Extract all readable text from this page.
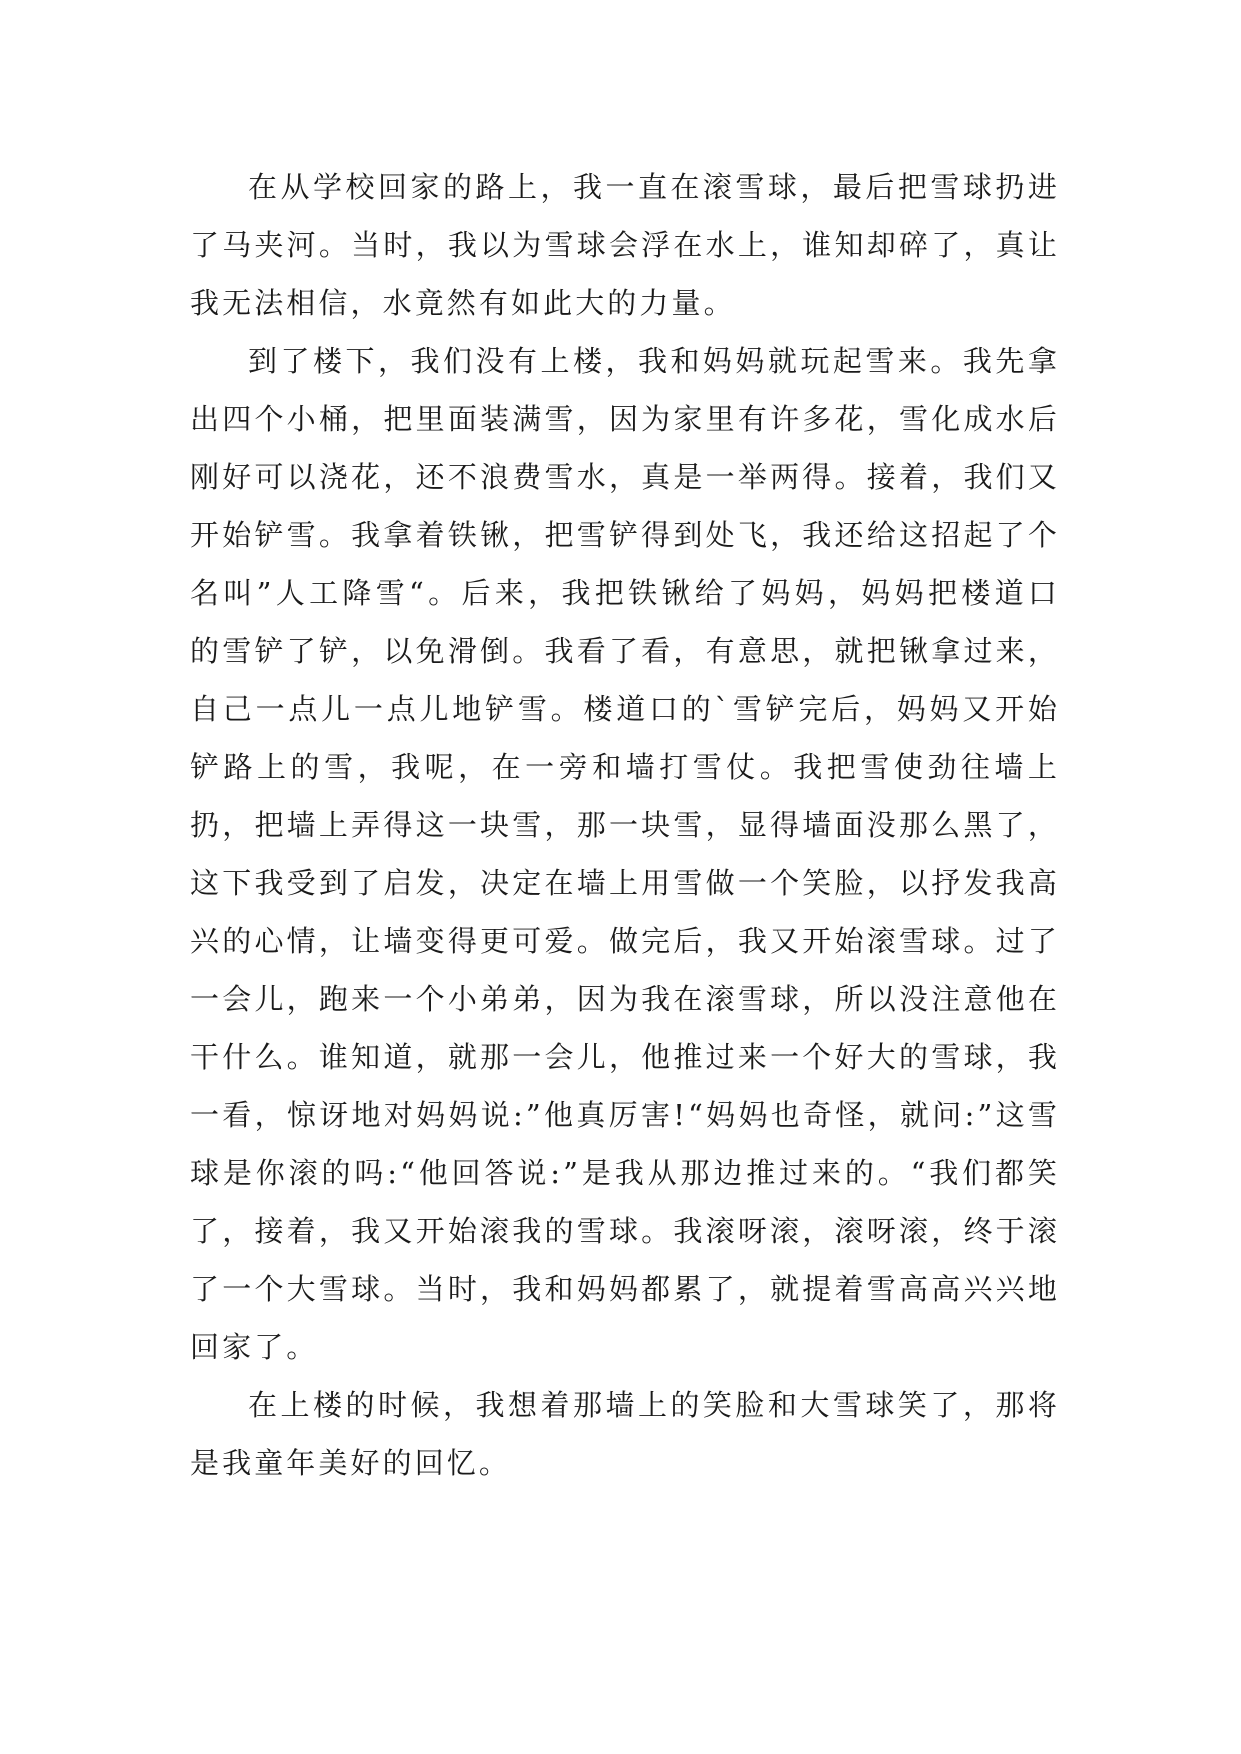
在从学校回家的路上，我一直在滚雪球，最后把雪球扔进了马夹河。当时，我以为雪球会浮在水上，谁知却碎了，真让我无法相信，水竟然有如此大的力量。

到了楼下，我们没有上楼，我和妈妈就玩起雪来。我先拿出四个小桶，把里面装满雪，因为家里有许多花，雪化成水后刚好可以浇花，还不浪费雪水，真是一举两得。接着，我们又开始铲雪。我拿着铁锹，把雪铲得到处飞，我还给这招起了个名叫”人工降雪“。后来，我把铁锹给了妈妈，妈妈把楼道口的雪铲了铲，以免滑倒。我看了看，有意思，就把锹拿过来，自己一点儿一点儿地铲雪。楼道口的`雪铲完后，妈妈又开始铲路上的雪，我呢，在一旁和墙打雪仗。我把雪使劲往墙上扔，把墙上弄得这一块雪，那一块雪，显得墙面没那么黑了，这下我受到了启发，决定在墙上用雪做一个笑脸，以抒发我高兴的心情，让墙变得更可爱。做完后，我又开始滚雪球。过了一会儿，跑来一个小弟弟，因为我在滚雪球，所以没注意他在干什么。谁知道，就那一会儿，他推过来一个好大的雪球，我一看，惊讶地对妈妈说:”他真厉害!“妈妈也奇怪，就问:”这雪球是你滚的吗:“他回答说:”是我从那边推过来的。“我们都笑了，接着，我又开始滚我的雪球。我滚呀滚，滚呀滚，终于滚了一个大雪球。当时，我和妈妈都累了，就提着雪高高兴兴地回家了。

在上楼的时候，我想着那墙上的笑脸和大雪球笑了，那将是我童年美好的回忆。
